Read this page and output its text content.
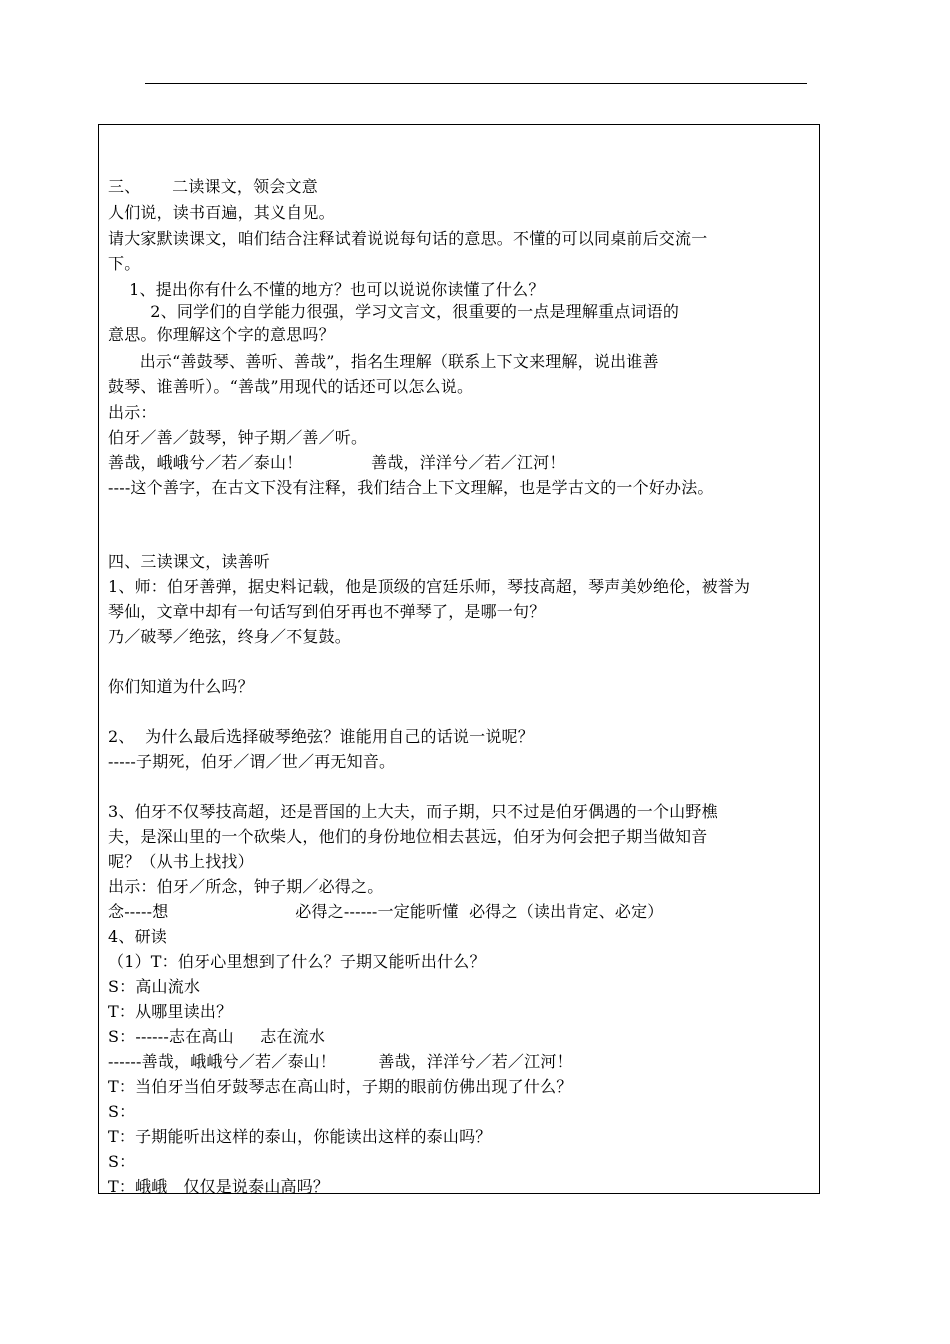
三、      二读课文，领会文意
人们说，读书百遍，其义自见。
请大家默读课文，咱们结合注释试着说说每句话的意思。不懂的可以同桌前后交流一
下。
1、提出你有什么不懂的地方？也可以说说你读懂了什么？
2、同学们的自学能力很强，学习文言文，很重要的一点是理解重点词语的
意思。你理解这个字的意思吗？
出示“善鼓琴、善听、善哉”，指名生理解（联系上下文来理解，说出谁善
鼓琴、谁善听）。“善哉”用现代的话还可以怎么说。
出示：
伯牙／善／鼓琴，钟子期／善／听。
善哉，峨峨兮／若／泰山！             善哉，洋洋兮／若／江河！
----这个善字，在古文下没有注释，我们结合上下文理解，也是学古文的一个好办法。
四、三读课文，读善听
1、师：伯牙善弹，据史料记载，他是顶级的宫廷乐师，琴技高超，琴声美妙绝伦，被誉为
琴仙，文章中却有一句话写到伯牙再也不弹琴了，是哪一句？
乃／破琴／绝弦，终身／不复鼓。
你们知道为什么吗？
2、  为什么最后选择破琴绝弦？谁能用自己的话说一说呢？
-----子期死，伯牙／谓／世／再无知音。
3、伯牙不仅琴技高超，还是晋国的上大夫，而子期，只不过是伯牙偶遇的一个山野樵
夫，是深山里的一个砍柴人，他们的身份地位相去甚远，伯牙为何会把子期当做知音
呢？（从书上找找）
出示：伯牙／所念，钟子期／必得之。
念-----想                        必得之------一定能听懂  必得之（读出肯定、必定）
4、研读
（1）T：伯牙心里想到了什么？子期又能听出什么？
S：高山流水
T：从哪里读出？
S：------志在高山     志在流水
------善哉，峨峨兮／若／泰山！        善哉，洋洋兮／若／江河！
T：当伯牙当伯牙鼓琴志在高山时，子期的眼前仿佛出现了什么？
S：
T：子期能听出这样的泰山，你能读出这样的泰山吗？
S：
T：峨峨   仅仅是说泰山高吗？
